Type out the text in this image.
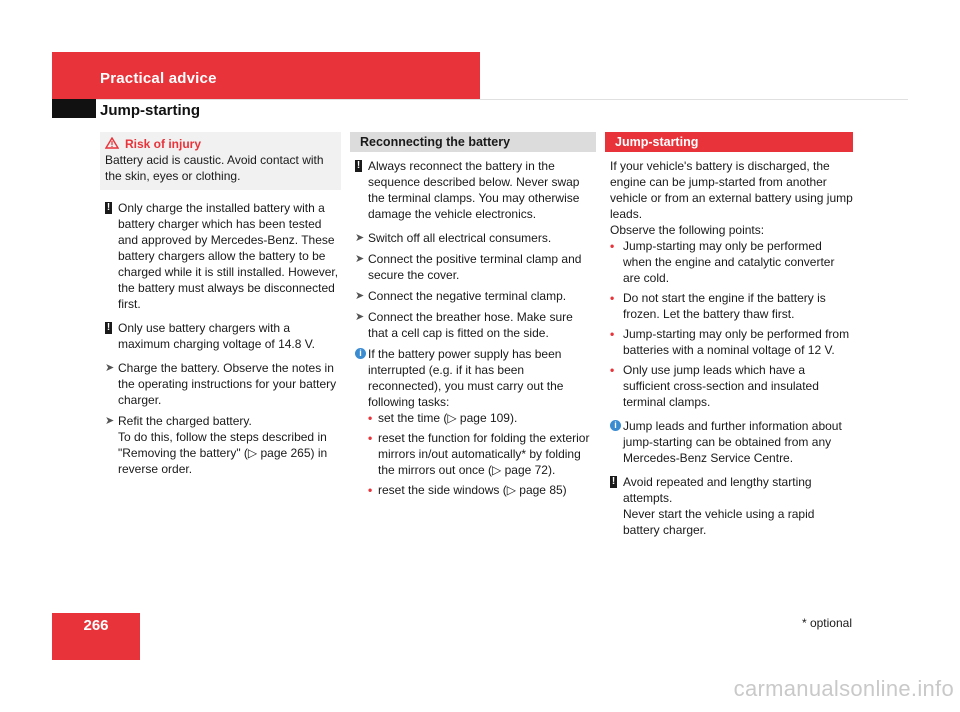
Practical advice
Jump-starting
Risk of injury

Battery acid is caustic. Avoid contact with the skin, eyes or clothing.

! Only charge the installed battery with a battery charger which has been tested and approved by Mercedes-Benz. These battery chargers allow the battery to be charged while it is still installed. However, the battery must always be disconnected first.

! Only use battery chargers with a maximum charging voltage of 14.8 V.

➤ Charge the battery. Observe the notes in the operating instructions for your battery charger.

➤ Refit the charged battery.

To do this, follow the steps described in "Removing the battery" (▷ page 265) in reverse order.

Reconnecting the battery
! Always reconnect the battery in the sequence described below. Never swap the terminal clamps. You may otherwise damage the vehicle electronics.

➤ Switch off all electrical consumers.

➤ Connect the positive terminal clamp and secure the cover.

➤ Connect the negative terminal clamp.

➤ Connect the breather hose. Make sure that a cell cap is fitted on the side.

i If the battery power supply has been interrupted (e.g. if it has been reconnected), you must carry out the following tasks:

• set the time (▷ page 109).

• reset the function for folding the exterior mirrors in/out automatically* by folding the mirrors out once (▷ page 72).

• reset the side windows (▷ page 85)

Jump-starting

If your vehicle's battery is discharged, the engine can be jump-started from another vehicle or from an external battery using jump leads.

Observe the following points:

• Jump-starting may only be performed when the engine and catalytic converter are cold.

• Do not start the engine if the battery is frozen. Let the battery thaw first.

• Jump-starting may only be performed from batteries with a nominal voltage of 12 V.

• Only use jump leads which have a sufficient cross-section and insulated terminal clamps.

i Jump leads and further information about jump-starting can be obtained from any Mercedes-Benz Service Centre.

! Avoid repeated and lengthy starting attempts.

Never start the vehicle using a rapid battery charger.

266	* optional
carmanualsonline.info
